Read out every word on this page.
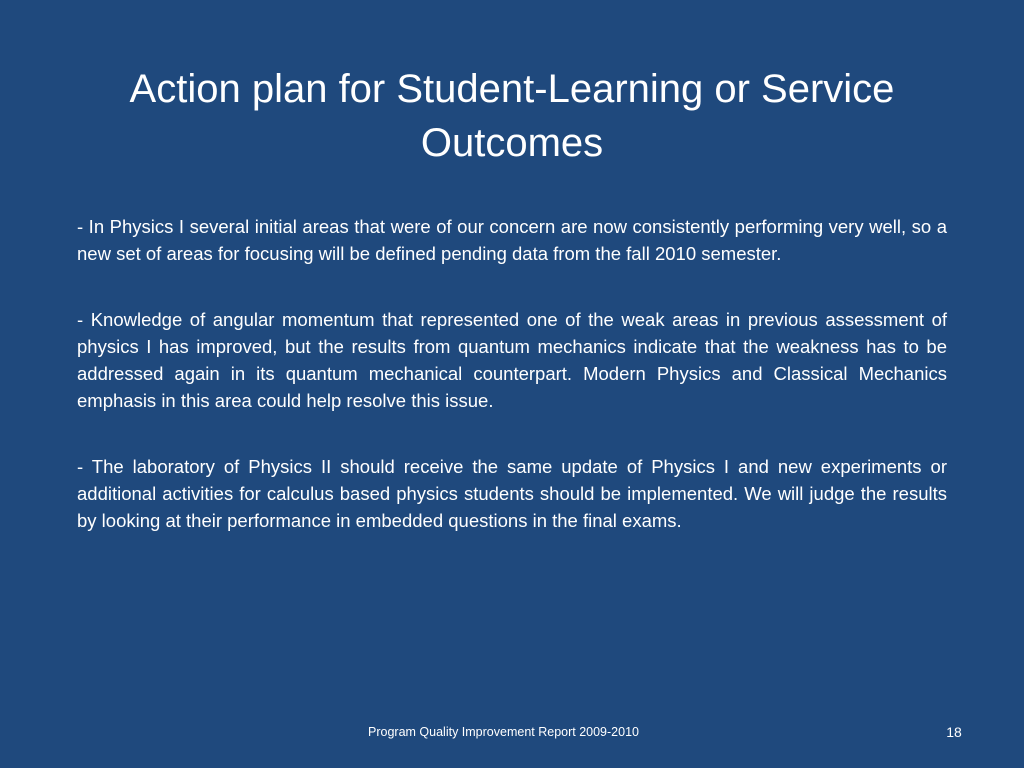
Action plan for Student-Learning or Service Outcomes

- In Physics I several initial areas that were of our concern are now consistently performing very well, so a new set of areas for focusing will be defined pending data from the fall 2010 semester.

- Knowledge of angular momentum that represented one of the weak areas in previous assessment of physics I has improved, but the results from quantum mechanics indicate that the weakness has to be addressed again in its quantum mechanical counterpart. Modern Physics and Classical Mechanics emphasis in this area could help resolve this issue.

- The laboratory of Physics II should receive the same update of Physics I and new experiments or additional activities for calculus based physics students should be implemented. We will judge the results by looking at their performance in embedded questions in the final exams.

Program Quality Improvement Report 2009-2010	18
